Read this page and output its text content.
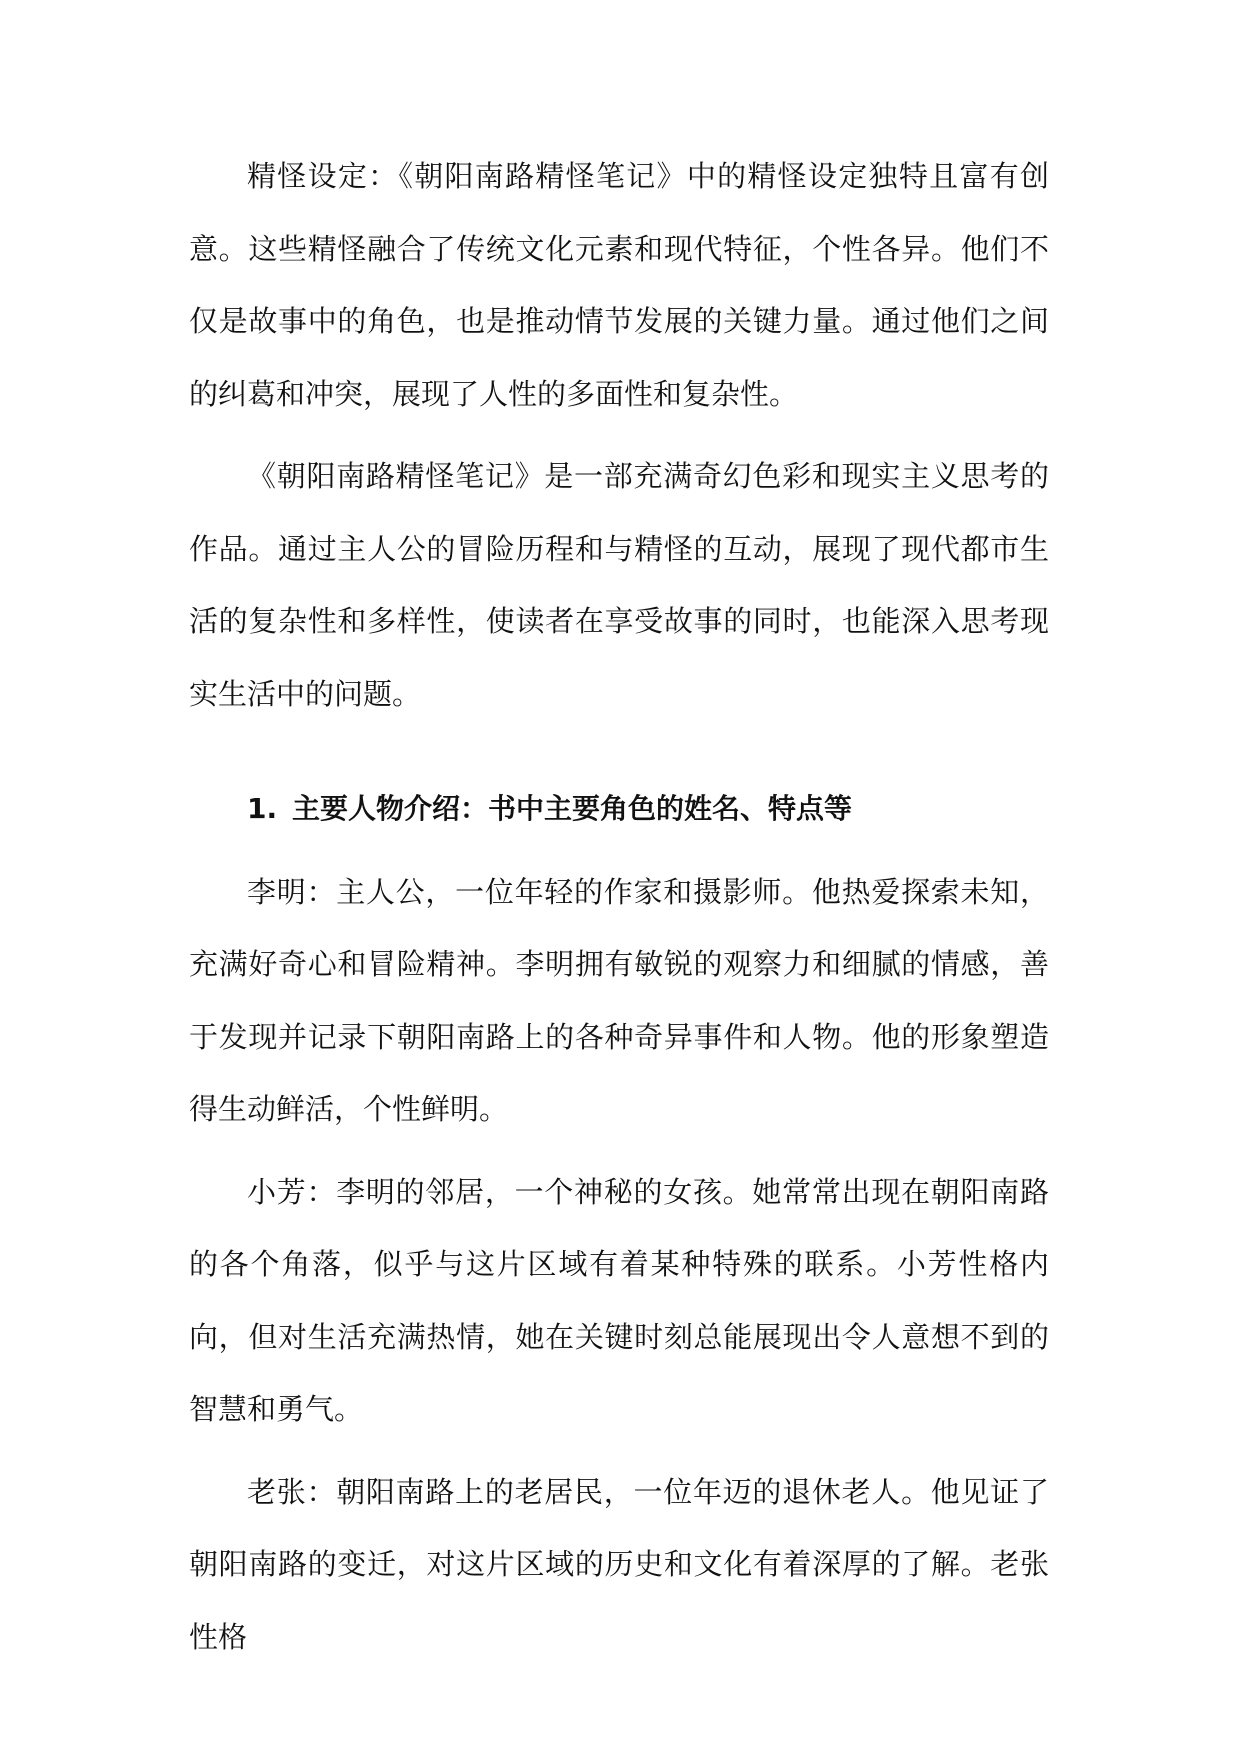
精怪设定：《朝阳南路精怪笔记》中的精怪设定独特且富有创意。这些精怪融合了传统文化元素和现代特征，个性各异。他们不仅是故事中的角色，也是推动情节发展的关键力量。通过他们之间的纠葛和冲突，展现了人性的多面性和复杂性。

《朝阳南路精怪笔记》是一部充满奇幻色彩和现实主义思考的作品。通过主人公的冒险历程和与精怪的互动，展现了现代都市生活的复杂性和多样性，使读者在享受故事的同时，也能深入思考现实生活中的问题。

1. 主要人物介绍：书中主要角色的姓名、特点等

李明：主人公，一位年轻的作家和摄影师。他热爱探索未知，充满好奇心和冒险精神。李明拥有敏锐的观察力和细腻的情感，善于发现并记录下朝阳南路上的各种奇异事件和人物。他的形象塑造得生动鲜活，个性鲜明。

小芳：李明的邻居，一个神秘的女孩。她常常出现在朝阳南路的各个角落，似乎与这片区域有着某种特殊的联系。小芳性格内向，但对生活充满热情，她在关键时刻总能展现出令人意想不到的智慧和勇气。

老张：朝阳南路上的老居民，一位年迈的退休老人。他见证了朝阳南路的变迁，对这片区域的历史和文化有着深厚的了解。老张性格
